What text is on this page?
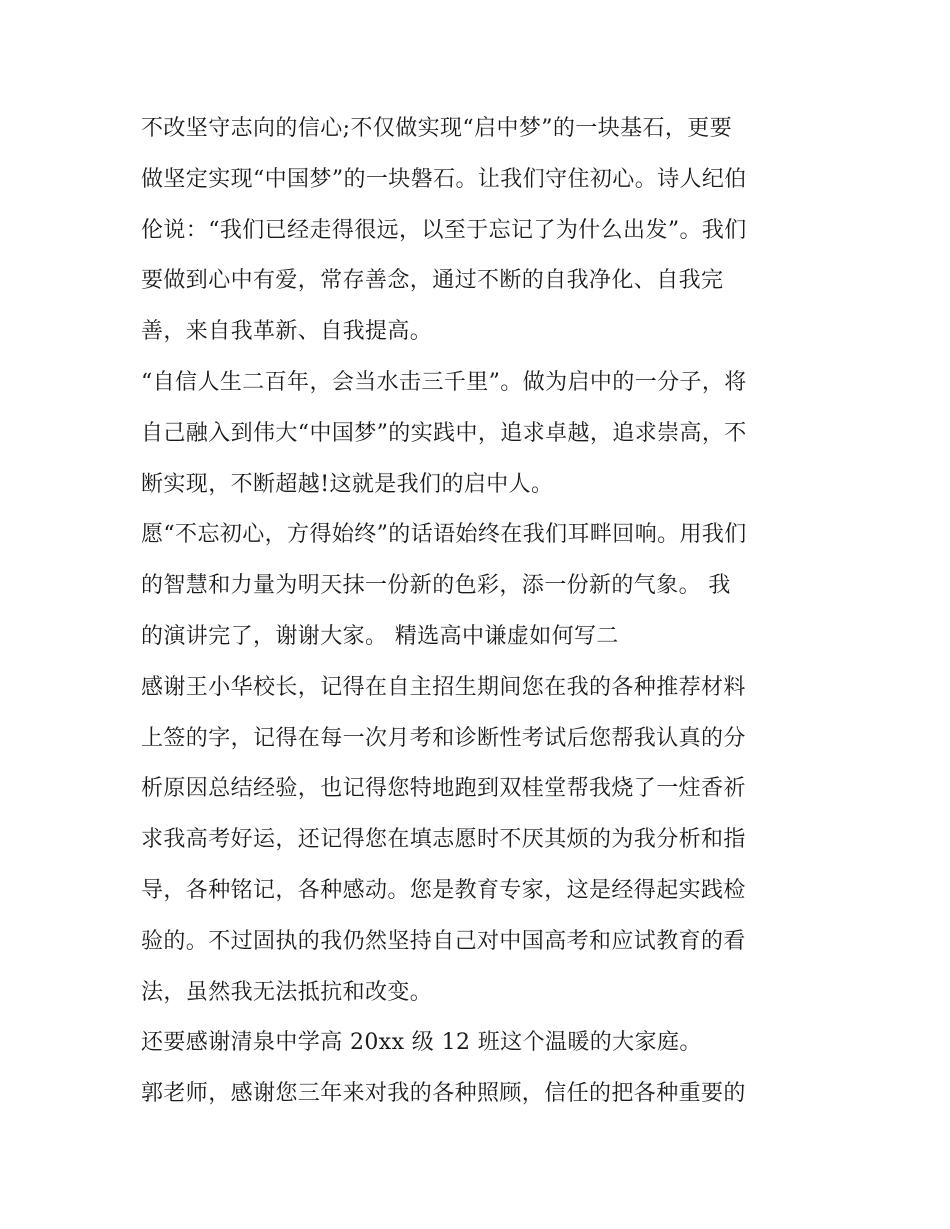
不改坚守志向的信心;不仅做实现“启中梦”的一块基石，更要
做坚定实现“中国梦”的一块磐石。让我们守住初心。诗人纪伯
伦说：“我们已经走得很远，以至于忘记了为什么出发”。我们
要做到心中有爱，常存善念，通过不断的自我净化、自我完
善，来自我革新、自我提高。
“自信人生二百年，会当水击三千里”。做为启中的一分子，将
自己融入到伟大“中国梦”的实践中，追求卓越，追求崇高，不
断实现，不断超越!这就是我们的启中人。
愿“不忘初心，方得始终”的话语始终在我们耳畔回响。用我们
的智慧和力量为明天抹一份新的色彩，添一份新的气象。 我
的演讲完了，谢谢大家。 精选高中谦虚如何写二
感谢王小华校长，记得在自主招生期间您在我的各种推荐材料
上签的字，记得在每一次月考和诊断性考试后您帮我认真的分
析原因总结经验，也记得您特地跑到双桂堂帮我烧了一炷香祈
求我高考好运，还记得您在填志愿时不厌其烦的为我分析和指
导，各种铭记，各种感动。您是教育专家，这是经得起实践检
验的。不过固执的我仍然坚持自己对中国高考和应试教育的看
法，虽然我无法抵抗和改变。
还要感谢清泉中学高 20xx 级 12 班这个温暖的大家庭。
郭老师，感谢您三年来对我的各种照顾，信任的把各种重要的
